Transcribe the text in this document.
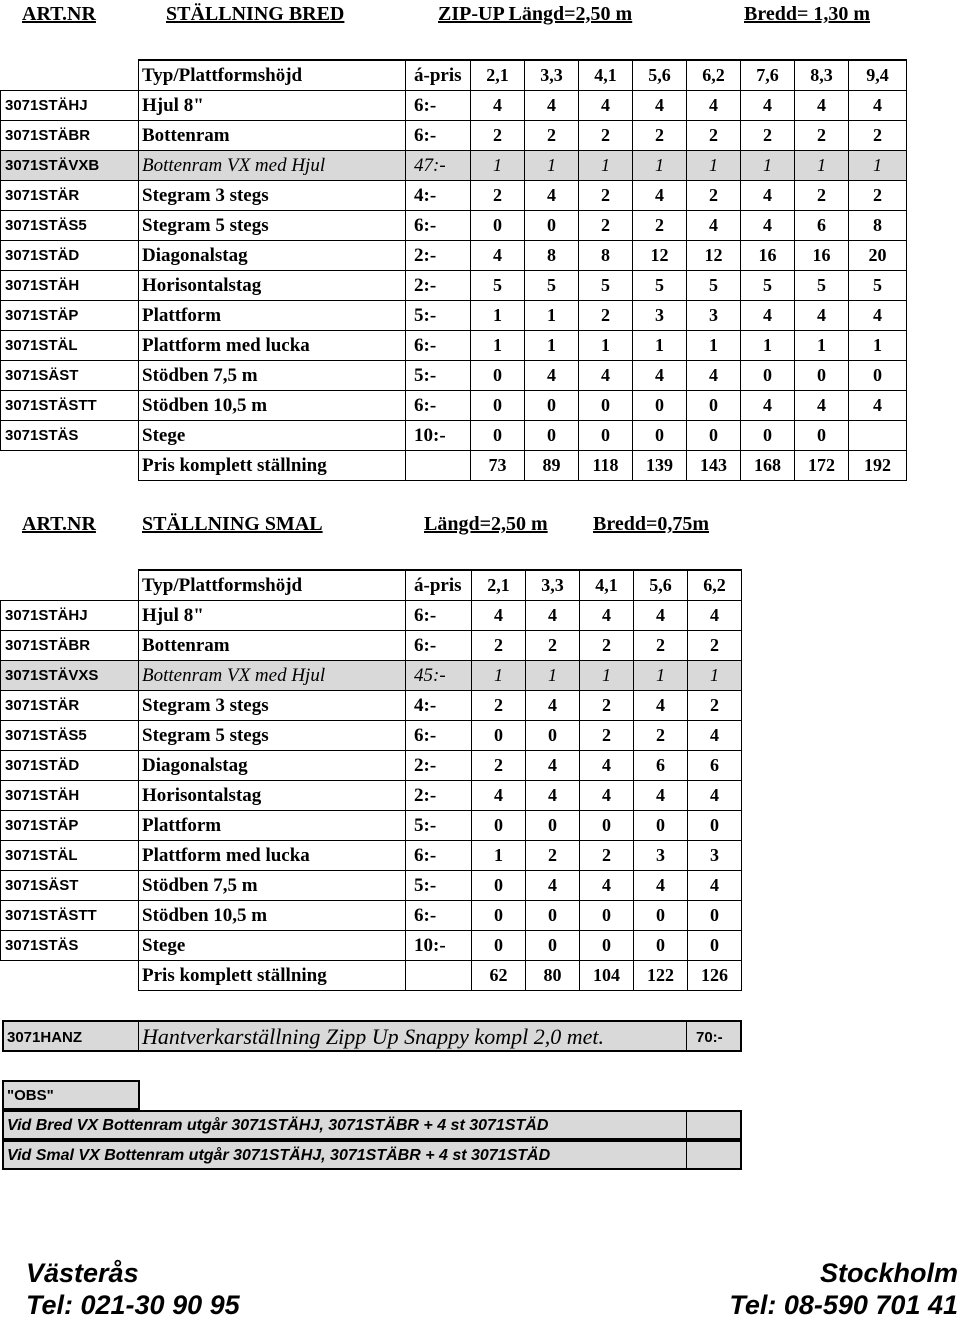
ART.NR	STÄLLNING BRED	ZIP-UP Längd=2,50 m	Bredd= 1,30 m
	Typ/Plattformshöjd	á-pris	2,1	3,3	4,1	5,6	6,2	7,6	8,3	9,4
3071STÄHJ	Hjul 8"	6:-	4	4	4	4	4	4	4	4
3071STÄBR	Bottenram	6:-	2	2	2	2	2	2	2	2
3071STÄVXB	Bottenram VX med Hjul	47:-	1	1	1	1	1	1	1	1
3071STÄR	Stegram 3 stegs	4:-	2	4	2	4	2	4	2	2
3071STÄS5	Stegram 5 stegs	6:-	0	0	2	2	4	4	6	8
3071STÄD	Diagonalstag	2:-	4	8	8	12	12	16	16	20
3071STÄH	Horisontalstag	2:-	5	5	5	5	5	5	5	5
3071STÄP	Plattform	5:-	1	1	2	3	3	4	4	4
3071STÄL	Plattform med lucka	6:-	1	1	1	1	1	1	1	1
3071SÄST	Stödben 7,5 m	5:-	0	4	4	4	4	0	0	0
3071STÄSTT	Stödben 10,5 m	6:-	0	0	0	0	0	4	4	4
3071STÄS	Stege	10:-	0	0	0	0	0	0	0	
	Pris komplett ställning		73	89	118	139	143	168	172	192
ART.NR STÄLLNING SMAL	Längd=2,50 m Bredd=0,75m
	Typ/Plattformshöjd	á-pris	2,1	3,3	4,1	5,6	6,2
3071STÄHJ	Hjul 8"	6:-	4	4	4	4	4
3071STÄBR	Bottenram	6:-	2	2	2	2	2
3071STÄVXS	Bottenram VX med Hjul	45:-	1	1	1	1	1
3071STÄR	Stegram 3 stegs	4:-	2	4	2	4	2
3071STÄS5	Stegram 5 stegs	6:-	0	0	2	2	4
3071STÄD	Diagonalstag	2:-	2	4	4	6	6
3071STÄH	Horisontalstag	2:-	4	4	4	4	4
3071STÄP	Plattform	5:-	0	0	0	0	0
3071STÄL	Plattform med lucka	6:-	1	2	2	3	3
3071SÄST	Stödben 7,5 m	5:-	0	4	4	4	4
3071STÄSTT	Stödben 10,5 m	6:-	0	0	0	0	0
3071STÄS	Stege	10:-	0	0	0	0	0
	Pris komplett ställning		62	80	104	122	126
3071HANZ	Hantverkarställning Zipp Up Snappy kompl 2,0 met.	70:-
"OBS"
Vid Bred VX Bottenram utgår 3071STÄHJ, 3071STÄBR + 4 st 3071STÄD
Vid Smal VX Bottenram utgår 3071STÄHJ, 3071STÄBR + 4 st 3071STÄD
Västerås
Tel: 021-30 90 95
Stockholm
Tel: 08-590 701 41
